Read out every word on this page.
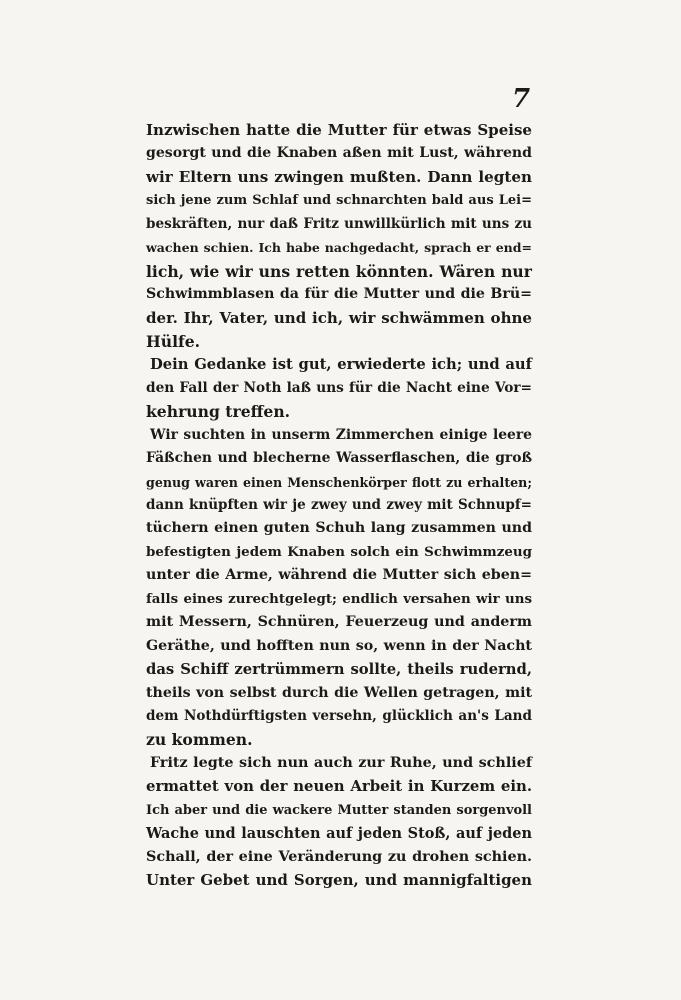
7
Inzwischen hatte die Mutter für etwas Speise
gesorgt und die Knaben aßen mit Lust, während
wir Eltern uns zwingen mußten. Dann legten
sich jene zum Schlaf und schnarchten bald aus Lei=
beskräften, nur daß Fritz unwillkürlich mit uns zu
wachen schien. Ich habe nachgedacht, sprach er end=
lich, wie wir uns retten könnten. Wären nur
Schwimmblasen da für die Mutter und die Brü=
der. Ihr, Vater, und ich, wir schwämmen ohne
Hülfe.
Dein Gedanke ist gut, erwiederte ich; und auf
den Fall der Noth laß uns für die Nacht eine Vor=
kehrung treffen.
Wir suchten in unserm Zimmerchen einige leere
Fäßchen und blecherne Wasserflaschen, die groß
genug waren einen Menschenkörper flott zu erhalten;
dann knüpften wir je zwey und zwey mit Schnupf=
tüchern einen guten Schuh lang zusammen und
befestigten jedem Knaben solch ein Schwimmzeug
unter die Arme, während die Mutter sich eben=
falls eines zurechtgelegt; endlich versahen wir uns
mit Messern, Schnüren, Feuerzeug und anderm
Geräthe, und hofften nun so, wenn in der Nacht
das Schiff zertrümmern sollte, theils rudernd,
theils von selbst durch die Wellen getragen, mit
dem Nothdürftigsten versehn, glücklich an's Land
zu kommen.
Fritz legte sich nun auch zur Ruhe, und schlief
ermattet von der neuen Arbeit in Kurzem ein.
Ich aber und die wackere Mutter standen sorgenvoll
Wache und lauschten auf jeden Stoß, auf jeden
Schall, der eine Veränderung zu drohen schien.
Unter Gebet und Sorgen, und mannigfaltigen
